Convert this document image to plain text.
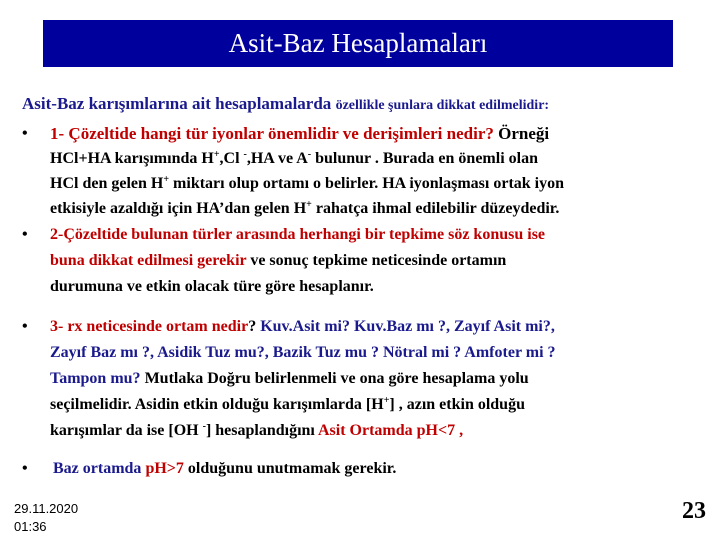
Asit-Baz Hesaplamaları
Asit-Baz karışımlarına ait hesaplamalarda özellikle şunlara dikkat edilmelidir:
• 1- Çözeltide hangi tür iyonlar önemlidir ve derişimleri nedir? Örneği
HCl+HA karışımında H+,Cl -,HA ve A- bulunur . Burada en önemli olan
HCl den gelen H+ miktarı olup ortamı o belirler. HA iyonlaşması ortak iyon
etkisiyle azaldığı için HA’dan gelen H+ rahatça ihmal edilebilir düzeydedir.
• 2-Çözeltide bulunan türler arasında herhangi bir tepkime söz konusu ise
buna dikkat edilmesi gerekir ve sonuç tepkime neticesinde ortamın
durumuna ve etkin olacak türe göre hesaplanır.
• 3- rx neticesinde ortam nedir? Kuv.Asit mi? Kuv.Baz mı ?, Zayıf Asit mi?,
Zayıf Baz mı ?, Asidik Tuz mu?, Bazik Tuz mu ? Nötral mi ? Amfoter mi ?
Tampon mu? Mutlaka Doğru belirlenmeli ve ona göre hesaplama yolu
seçilmelidir. Asidin etkin olduğu karışımlarda [H+] , azın etkin olduğu
karışımlar da ise [OH -] hesaplandığını Asit Ortamda pH<7 ,
• Baz ortamda pH>7 olduğunu unutmamak gerekir.
29.11.2020
01:36
23
